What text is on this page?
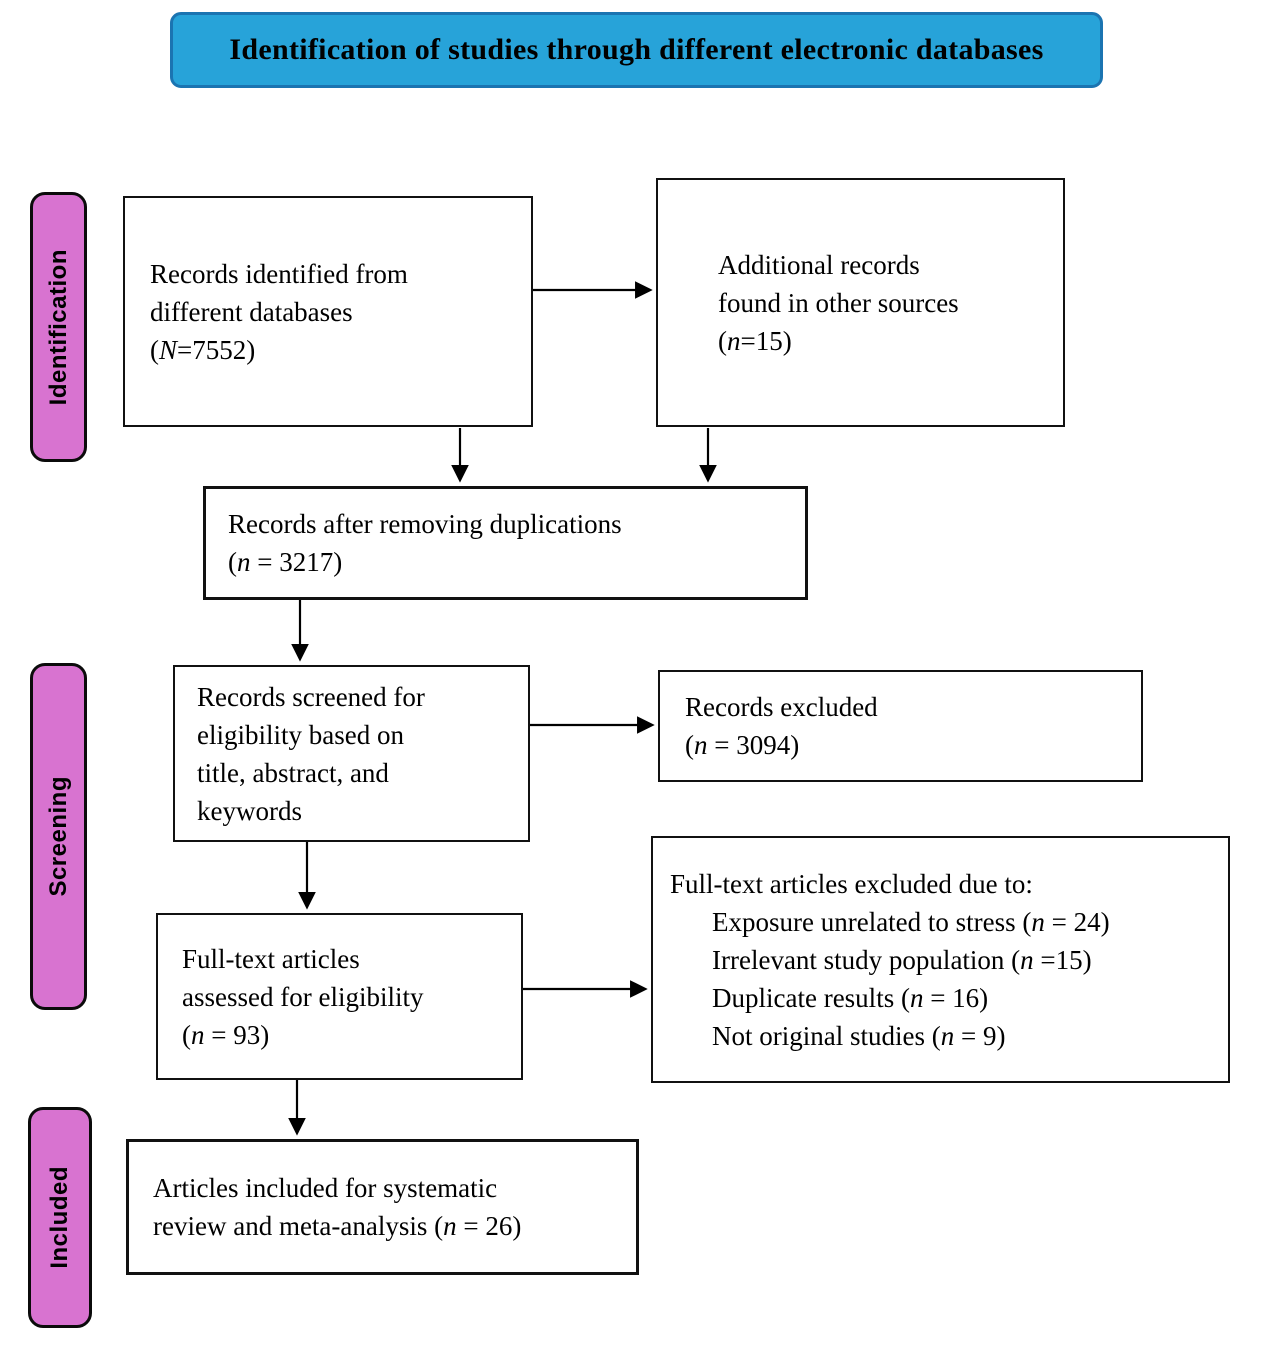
Identification of studies through different electronic databases
Identification
Screening
Included
Records identified from
different databases
(N=7552)
Additional records
found in other sources
(n=15)
Records after removing duplications
(n = 3217)
Records screened for
eligibility based on
title, abstract, and
keywords
Records excluded
(n = 3094)
Full-text articles
assessed for eligibility
(n = 93)
Full-text articles excluded due to:
Exposure unrelated to stress (n = 24)
Irrelevant study population (n =15)
Duplicate results (n = 16)
Not original studies (n = 9)
Articles included for systematic
review and meta-analysis (n = 26)
